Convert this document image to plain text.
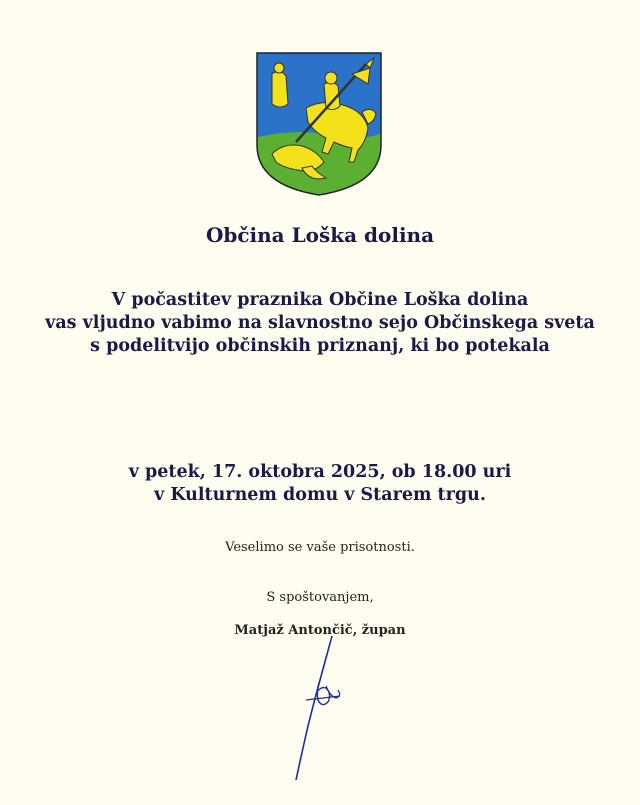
Občina Loška dolina
V počastitev praznika Občine Loška dolina
vas vljudno vabimo na slavnostno sejo Občinskega sveta
s podelitvijo občinskih priznanj, ki bo potekala
v petek, 17. oktobra 2025, ob 18.00 uri
v Kulturnem domu v Starem trgu.
Veselimo se vaše prisotnosti.
S spoštovanjem,
Matjaž Antončič, župan
